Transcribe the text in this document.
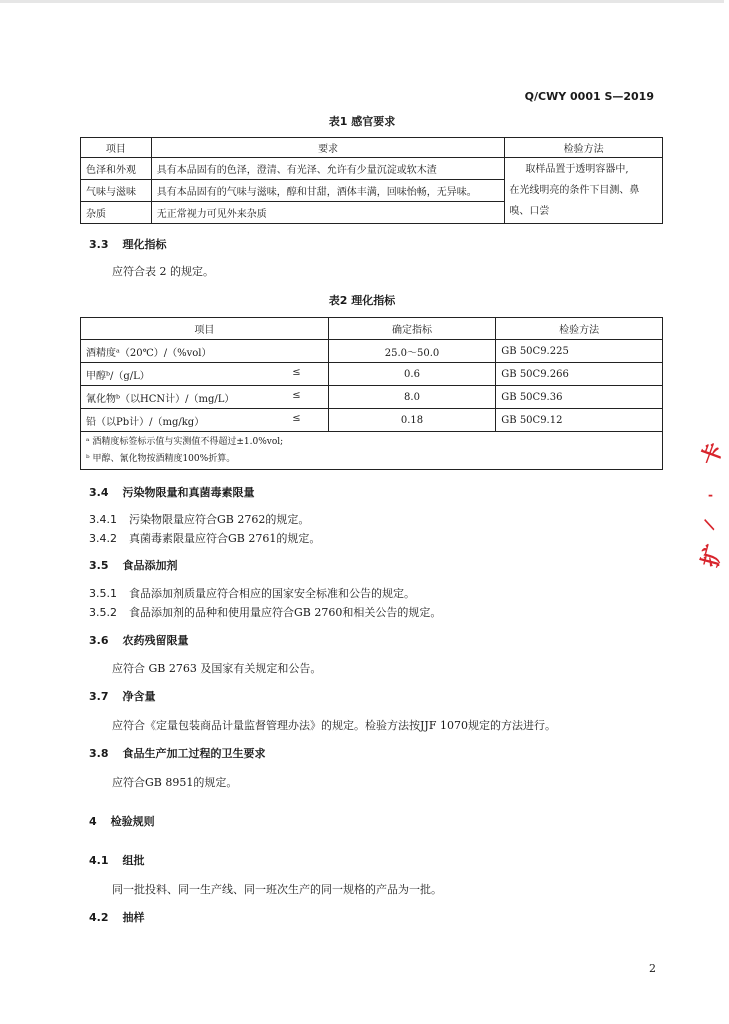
Q/CWY 0001 S—2019
表1 感官要求
项目	要求	检验方法
色泽和外观	具有本品固有的色泽，澄清、有光泽、允许有少量沉淀或软木渣	取样品置于透明容器中,
在光线明亮的条件下目测、鼻
嗅、口尝

气味与滋味	具有本品固有的气味与滋味，醇和甘甜，酒体丰满，回味怡畅，无异味。	
杂质	无正常视力可见外来杂质	
3.3 理化指标
应符合表 2 的规定。
表2 理化指标
项目	确定指标	检验方法
酒精度ᵃ（20℃）/（%vol）	25.0～50.0	GB 50C9.225
甲醇ᵇ/（g/L） ≤	0.6	GB 50C9.266
氰化物ᵇ（以HCN计）/（mg/L） ≤	8.0	GB 50C9.36
铅（以Pb计）/（mg/kg） ≤	0.18	GB 50C9.12

ᵃ 酒精度标签标示值与实测值不得超过±1.0%vol;
ᵇ 甲醇、氰化物按酒精度100%折算。		
3.4 污染物限量和真菌毒素限量
3.4.1 污染物限量应符合GB 2762的规定。
3.4.2 真菌毒素限量应符合GB 2761的规定。
3.5 食品添加剂
3.5.1 食品添加剂质量应符合相应的国家安全标准和公告的规定。
3.5.2 食品添加剂的品种和使用量应符合GB 2760和相关公告的规定。
3.6 农药残留限量
应符合 GB 2763 及国家有关规定和公告。
3.7 净含量
应符合《定量包装商品计量监督管理办法》的规定。检验方法按JJF 1070规定的方法进行。
3.8 食品生产加工过程的卫生要求
应符合GB 8951的规定。
4 检验规则
4.1 组批
同一批投料、同一生产线、同一班次生产的同一规格的产品为一批。
4.2 抽样
2
卡
-
/
扩
